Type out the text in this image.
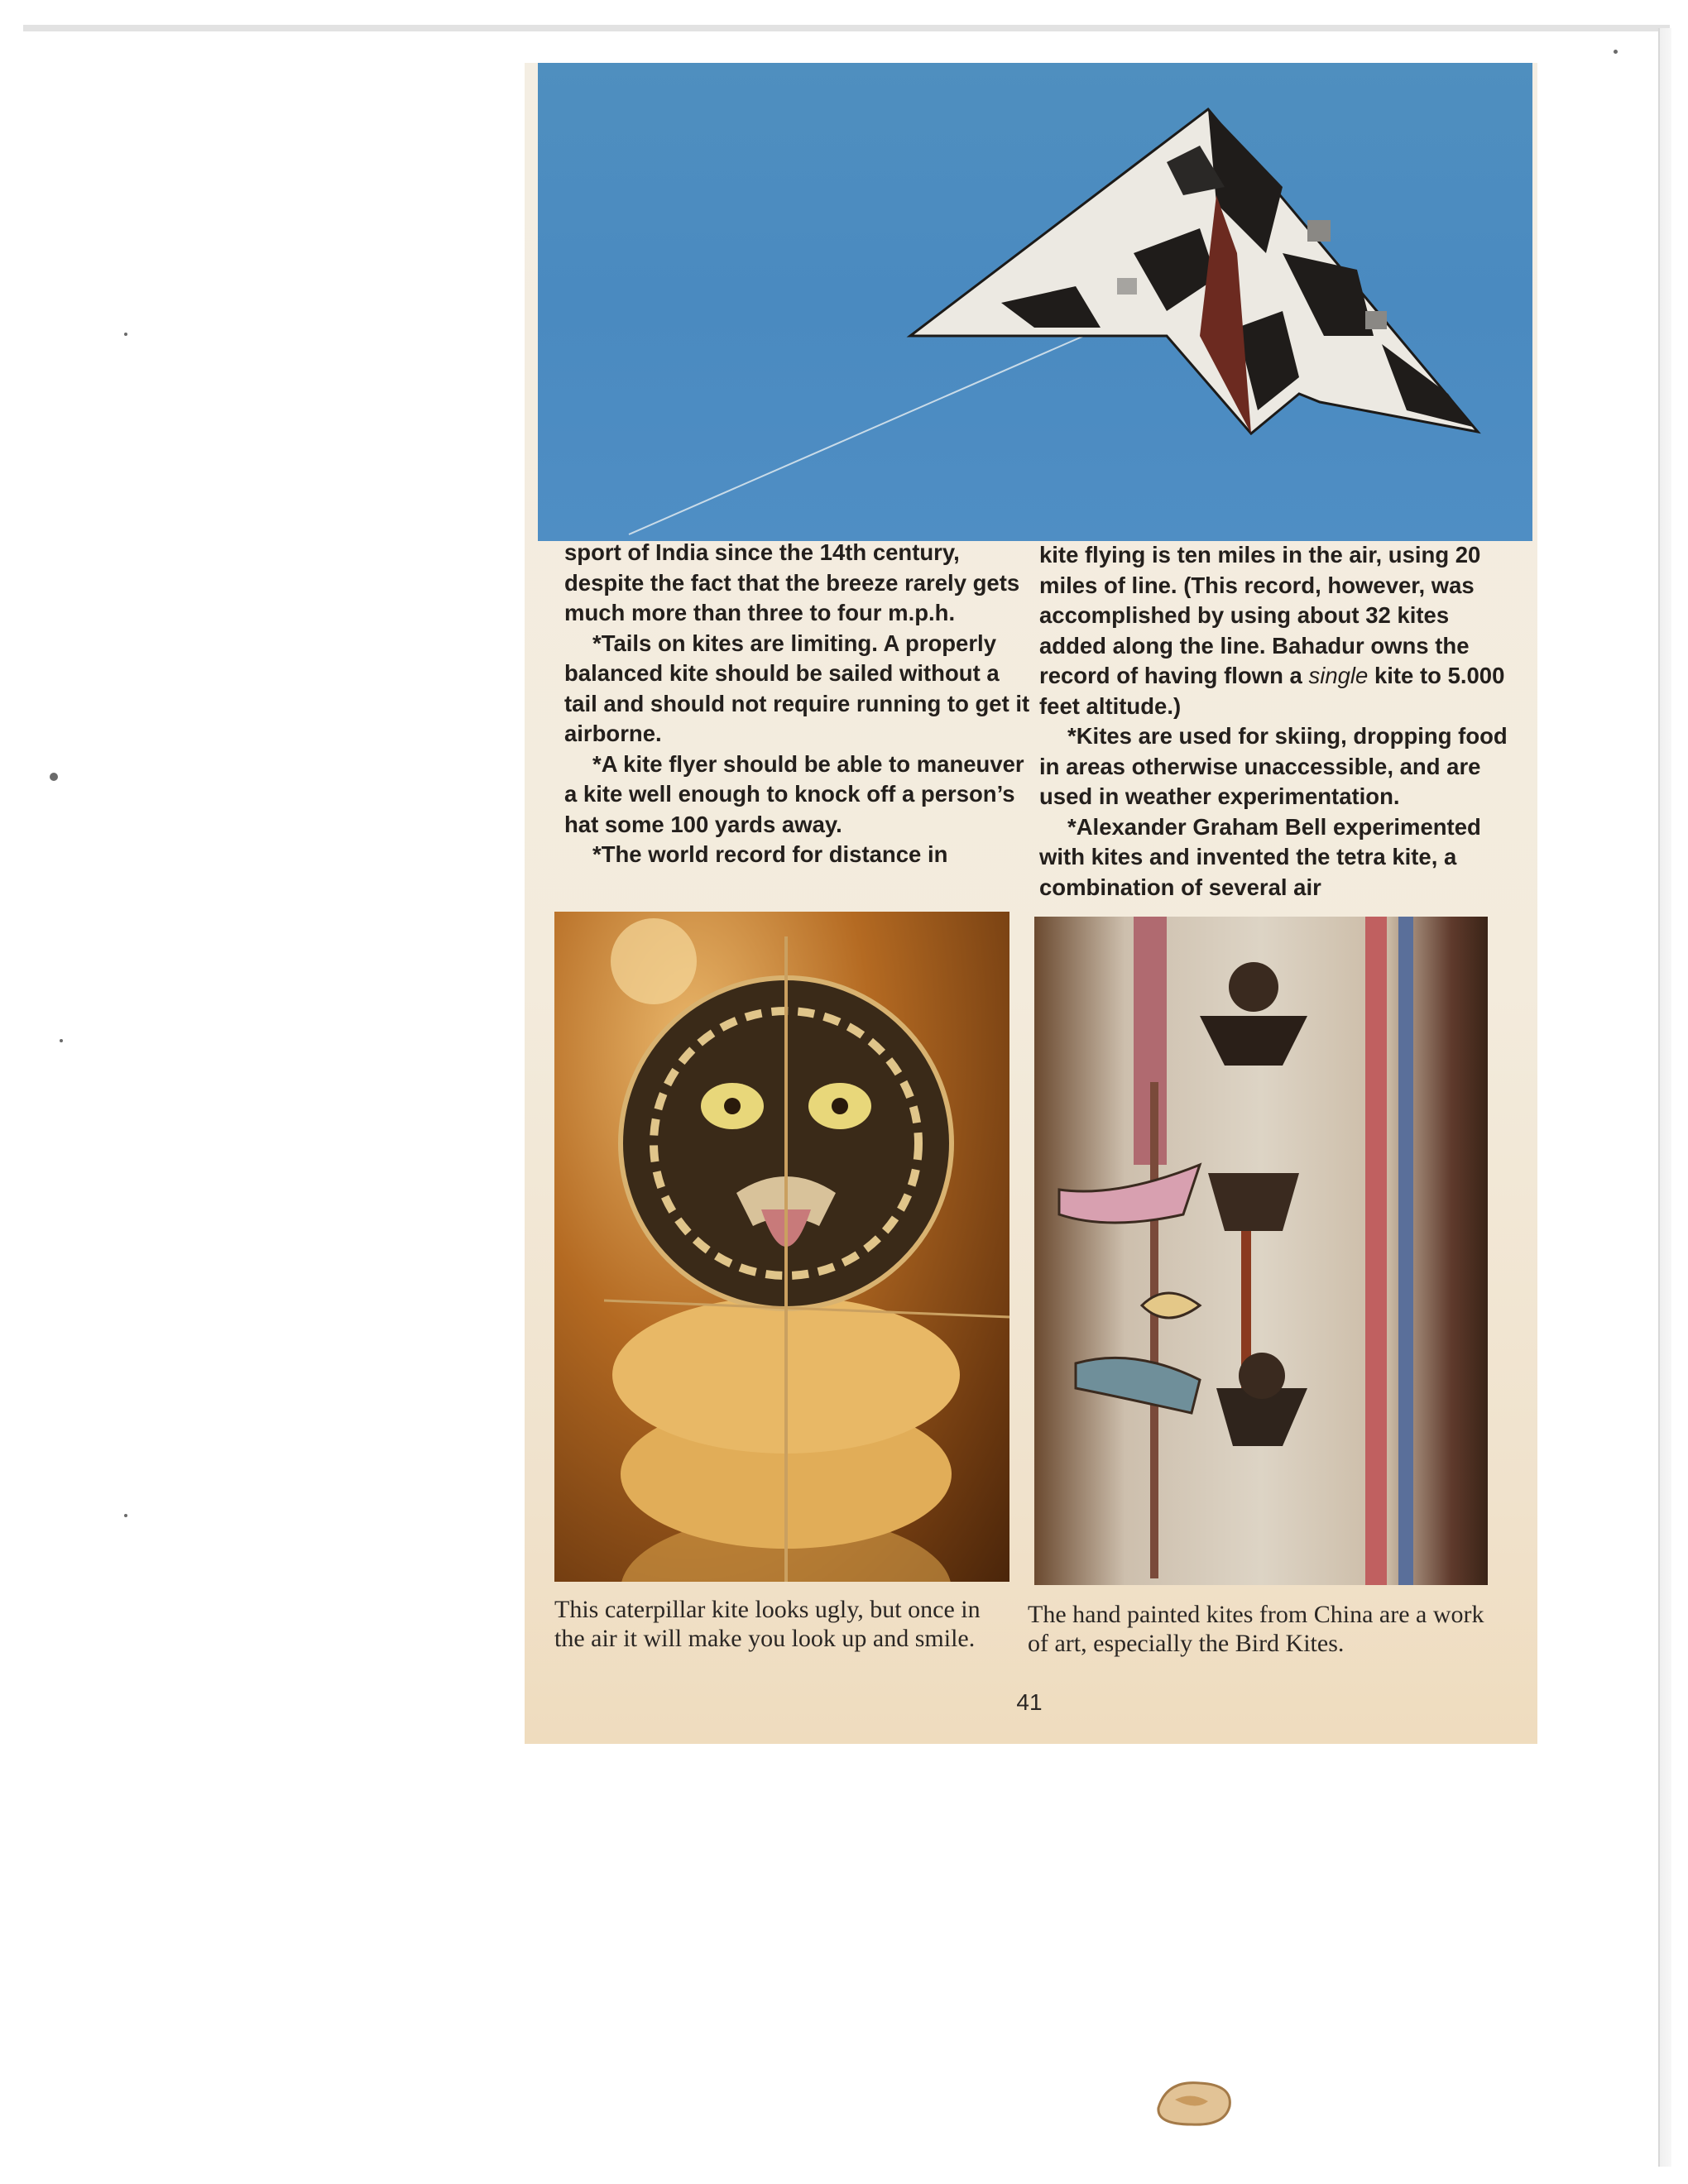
sport of India since the 14th century, despite the fact that the breeze rarely gets much more than three to four m.p.h.

*Tails on kites are limiting. A properly balanced kite should be sailed without a tail and should not require running to get it airborne.

*A kite flyer should be able to maneuver a kite well enough to knock off a person’s hat some 100 yards away.

*The world record for distance in

kite flying is ten miles in the air, using 20 miles of line. (This record, however, was accomplished by using about 32 kites added along the line. Bahadur owns the record of having flown a single kite to 5.000 feet altitude.)

*Kites are used for skiing, dropping food in areas otherwise unaccessible, and are used in weather experimentation.

*Alexander Graham Bell experimented with kites and invented the tetra kite, a combination of several air

This caterpillar kite looks ugly, but once in the air it will make you look up and smile.

The hand painted kites from China are a work of art, especially the Bird Kites.

41
